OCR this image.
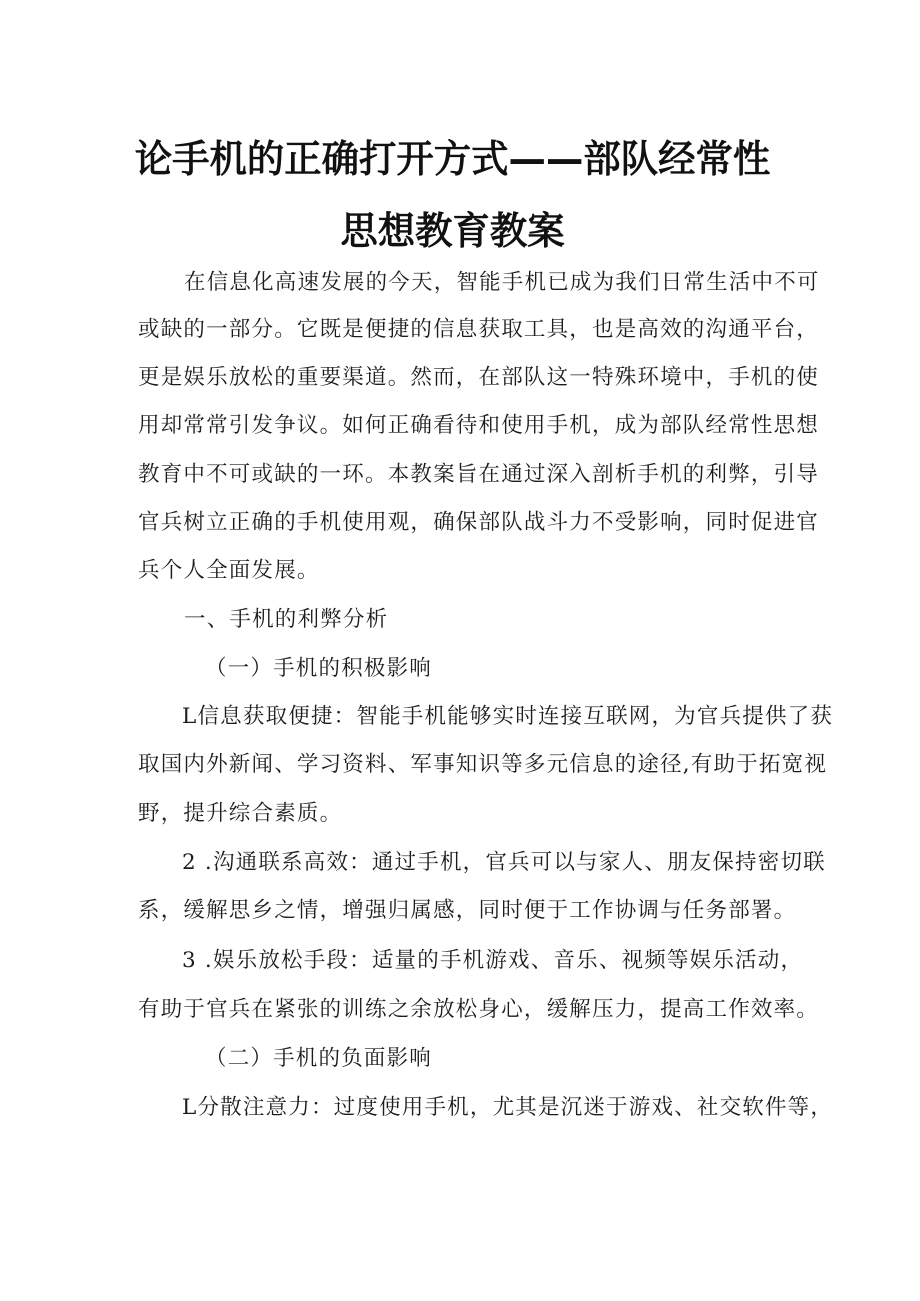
论手机的正确打开方式——部队经常性
思想教育教案
在信息化高速发展的今天，智能手机已成为我们日常生活中不可
或缺的一部分。它既是便捷的信息获取工具，也是高效的沟通平台，
更是娱乐放松的重要渠道。然而，在部队这一特殊环境中，手机的使
用却常常引发争议。如何正确看待和使用手机，成为部队经常性思想
教育中不可或缺的一环。本教案旨在通过深入剖析手机的利弊，引导
官兵树立正确的手机使用观，确保部队战斗力不受影响，同时促进官
兵个人全面发展。
一、手机的利弊分析
（一）手机的积极影响
L信息获取便捷：智能手机能够实时连接互联网，为官兵提供了获
取国内外新闻、学习资料、军事知识等多元信息的途径,有助于拓宽视
野，提升综合素质。
2 .沟通联系高效：通过手机，官兵可以与家人、朋友保持密切联
系，缓解思乡之情，增强归属感，同时便于工作协调与任务部署。
3 .娱乐放松手段：适量的手机游戏、音乐、视频等娱乐活动，
有助于官兵在紧张的训练之余放松身心，缓解压力，提高工作效率。
（二）手机的负面影响
L分散注意力：过度使用手机，尤其是沉迷于游戏、社交软件等，
